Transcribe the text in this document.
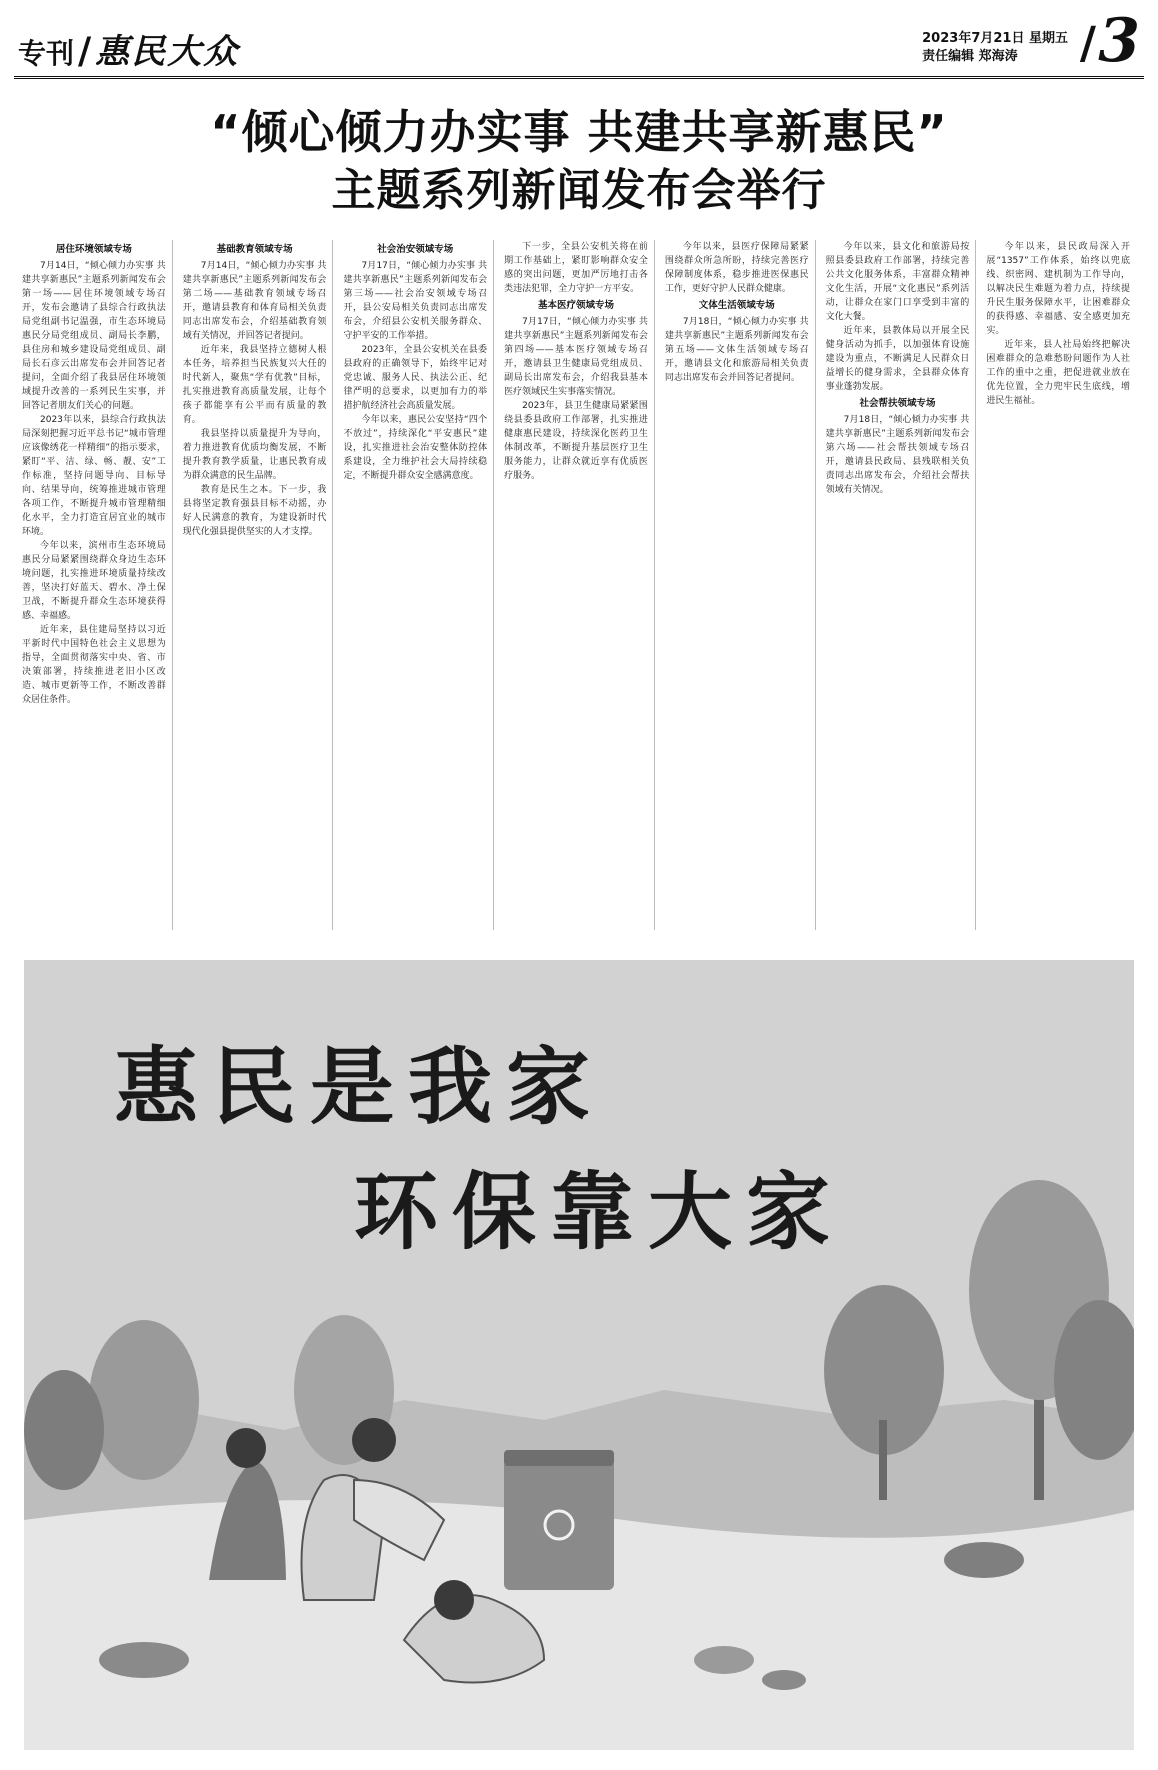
专刊 / 惠民大众	2023年7月21日 星期五
责任编辑 郑海涛	/ 3
“倾心倾力办实事 共建共享新惠民”
主题系列新闻发布会举行
居住环境领域专场

7月14日，“倾心倾力办实事 共建共享新惠民”主题系列新闻发布会第一场——居住环境领域专场召开，发布会邀请了县综合行政执法局党组副书记温强，市生态环境局惠民分局党组成员、副局长李鹏，县住房和城乡建设局党组成员、副局长石彦云出席发布会并回答记者提问，全面介绍了我县居住环境领域提升改善的一系列民生实事，并回答记者朋友们关心的问题。

2023年以来，县综合行政执法局深刻把握习近平总书记“城市管理应该像绣花一样精细”的指示要求，紧盯“平、洁、绿、畅、靓、安”工作标准，坚持问题导向、目标导向、结果导向，统筹推进城市管理各项工作，不断提升城市管理精细化水平，全力打造宜居宜业的城市环境。

今年以来，滨州市生态环境局惠民分局紧紧围绕群众身边生态环境问题，扎实推进环境质量持续改善，坚决打好蓝天、碧水、净土保卫战，不断提升群众生态环境获得感、幸福感。

近年来，县住建局坚持以习近平新时代中国特色社会主义思想为指导，全面贯彻落实中央、省、市决策部署，持续推进老旧小区改造、城市更新等工作，不断改善群众居住条件。

基础教育领域专场

7月14日，“倾心倾力办实事 共建共享新惠民”主题系列新闻发布会第二场——基础教育领域专场召开，邀请县教育和体育局相关负责同志出席发布会，介绍基础教育领域有关情况，并回答记者提问。

近年来，我县坚持立德树人根本任务，培养担当民族复兴大任的时代新人，聚焦“学有优教”目标，扎实推进教育高质量发展，让每个孩子都能享有公平而有质量的教育。

我县坚持以质量提升为导向，着力推进教育优质均衡发展，不断提升教育教学质量，让惠民教育成为群众满意的民生品牌。

教育是民生之本。下一步，我县将坚定教育强县目标不动摇，办好人民满意的教育，为建设新时代现代化强县提供坚实的人才支撑。

社会治安领域专场

7月17日，“倾心倾力办实事 共建共享新惠民”主题系列新闻发布会第三场——社会治安领域专场召开，县公安局相关负责同志出席发布会，介绍县公安机关服务群众、守护平安的工作举措。

2023年，全县公安机关在县委县政府的正确领导下，始终牢记对党忠诚、服务人民、执法公正、纪律严明的总要求，以更加有力的举措护航经济社会高质量发展。

今年以来，惠民公安坚持“四个不放过”，持续深化“平安惠民”建设，扎实推进社会治安整体防控体系建设，全力维护社会大局持续稳定，不断提升群众安全感满意度。

下一步，全县公安机关将在前期工作基础上，紧盯影响群众安全感的突出问题，更加严厉地打击各类违法犯罪，全力守护一方平安。

基本医疗领域专场

7月17日，“倾心倾力办实事 共建共享新惠民”主题系列新闻发布会第四场——基本医疗领域专场召开，邀请县卫生健康局党组成员、副局长出席发布会，介绍我县基本医疗领域民生实事落实情况。

2023年，县卫生健康局紧紧围绕县委县政府工作部署，扎实推进健康惠民建设，持续深化医药卫生体制改革，不断提升基层医疗卫生服务能力，让群众就近享有优质医疗服务。

今年以来，县医疗保障局紧紧围绕群众所急所盼，持续完善医疗保障制度体系，稳步推进医保惠民工作，更好守护人民群众健康。

文体生活领域专场

7月18日，“倾心倾力办实事 共建共享新惠民”主题系列新闻发布会第五场——文体生活领域专场召开，邀请县文化和旅游局相关负责同志出席发布会并回答记者提问。

今年以来，县文化和旅游局按照县委县政府工作部署，持续完善公共文化服务体系，丰富群众精神文化生活，开展“文化惠民”系列活动，让群众在家门口享受到丰富的文化大餐。

近年来，县教体局以开展全民健身活动为抓手，以加强体育设施建设为重点，不断满足人民群众日益增长的健身需求，全县群众体育事业蓬勃发展。

社会帮扶领域专场

7月18日，“倾心倾力办实事 共建共享新惠民”主题系列新闻发布会第六场——社会帮扶领域专场召开，邀请县民政局、县残联相关负责同志出席发布会，介绍社会帮扶领域有关情况。

今年以来，县民政局深入开展“1357”工作体系，始终以兜底线、织密网、建机制为工作导向，以解决民生难题为着力点，持续提升民生服务保障水平，让困难群众的获得感、幸福感、安全感更加充实。

近年来，县人社局始终把解决困难群众的急难愁盼问题作为人社工作的重中之重，把促进就业放在优先位置，全力兜牢民生底线，增进民生福祉。

惠民是我家
环保靠大家
